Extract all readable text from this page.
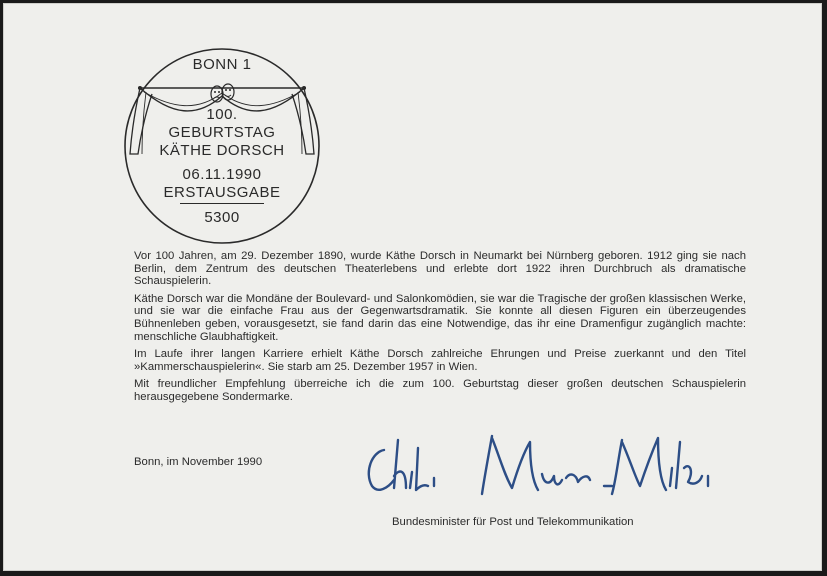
BONN 1
100.
GEBURTSTAG
KÄTHE DORSCH
06.11.1990
ERSTAUSGABE
5300

Vor 100 Jahren, am 29. Dezember 1890, wurde Käthe Dorsch in Neumarkt bei Nürnberg geboren. 1912 ging sie nach Berlin, dem Zentrum des deutschen Theaterlebens und erlebte dort 1922 ihren Durchbruch als dramatische Schauspielerin.

Käthe Dorsch war die Mondäne der Boulevard- und Salonkomödien, sie war die Tragische der großen klassischen Werke, und sie war die einfache Frau aus der Gegenwartsdramatik. Sie konnte all diesen Figuren ein überzeugendes Bühnenleben geben, vorausgesetzt, sie fand darin das eine Notwendige, das ihr eine Dramenfigur zugänglich machte: menschliche Glaubhaftigkeit.

Im Laufe ihrer langen Karriere erhielt Käthe Dorsch zahlreiche Ehrungen und Preise zuerkannt und den Titel »Kammerschauspielerin«. Sie starb am 25. Dezember 1957 in Wien.

Mit freundlicher Empfehlung überreiche ich die zum 100. Geburtstag dieser großen deutschen Schauspielerin herausgegebene Sondermarke.

Bonn, im November 1990
Bundesminister für Post und Telekommunikation
